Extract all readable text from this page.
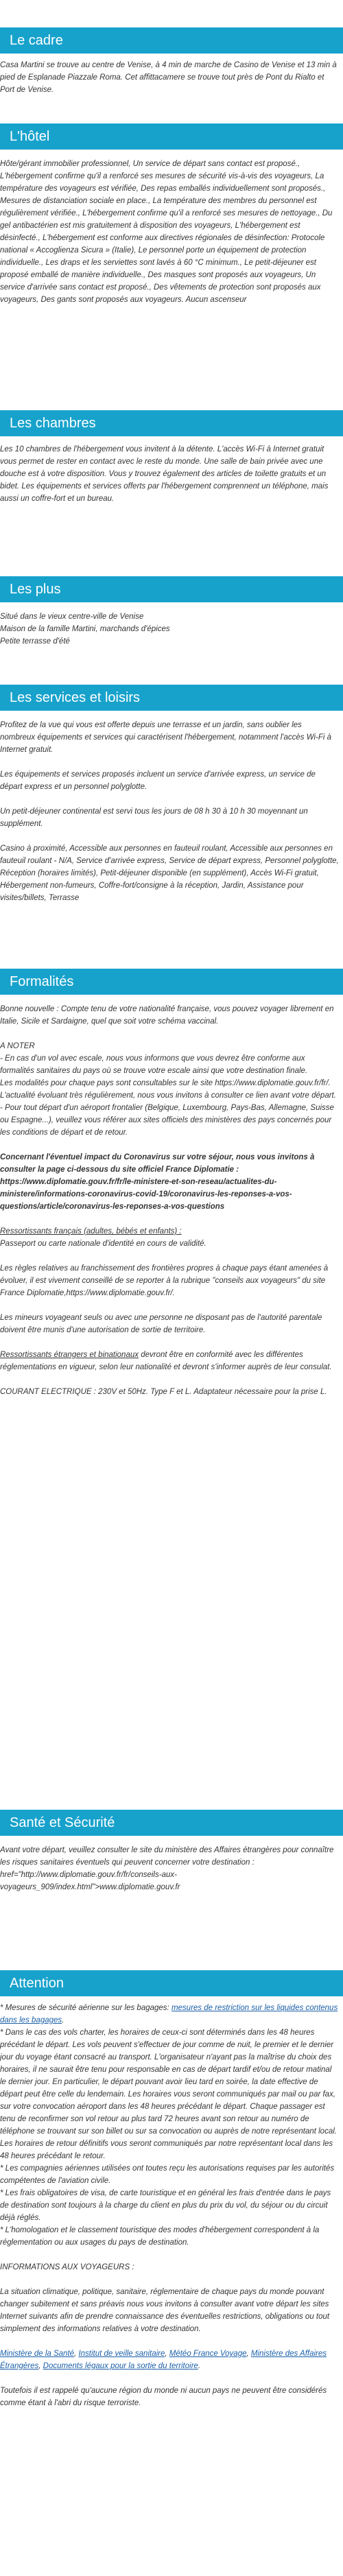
Le cadre
Casa Martini se trouve au centre de Venise, à 4 min de marche de Casino de Venise et 13 min à pied de Esplanade Piazzale Roma. Cet affittacamere se trouve tout près de Pont du Rialto et Port de Venise.
L'hôtel
Hôte/gérant immobilier professionnel, Un service de départ sans contact est proposé., L'hébergement confirme qu'il a renforcé ses mesures de sécurité vis-à-vis des voyageurs, La température des voyageurs est vérifiée, Des repas emballés individuellement sont proposés., Mesures de distanciation sociale en place., La température des membres du personnel est régulièrement vérifiée., L'hébergement confirme qu'il a renforcé ses mesures de nettoyage., Du gel antibactérien est mis gratuitement à disposition des voyageurs, L'hébergement est désinfecté., L'hébergement est conforme aux directives régionales de désinfection: Protocole national « Accoglienza Sicura » (Italie), Le personnel porte un équipement de protection individuelle., Les draps et les serviettes sont lavés à 60 °C minimum., Le petit-déjeuner est proposé emballé de manière individuelle., Des masques sont proposés aux voyageurs, Un service d'arrivée sans contact est proposé., Des vêtements de protection sont proposés aux voyageurs, Des gants sont proposés aux voyageurs. Aucun ascenseur
Les chambres
Les 10 chambres de l'hébergement vous invitent à la détente. L'accès Wi-Fi à Internet gratuit vous permet de rester en contact avec le reste du monde. Une salle de bain privée avec une douche est à votre disposition. Vous y trouvez également des articles de toilette gratuits et un bidet. Les équipements et services offerts par l'hébergement comprennent un téléphone, mais aussi un coffre-fort et un bureau.
Les plus
Situé dans le vieux centre-ville de Venise
Maison de la famille Martini, marchands d'épices
Petite terrasse d'été
Les services et loisirs
Profitez de la vue qui vous est offerte depuis une terrasse et un jardin, sans oublier les nombreux équipements et services qui caractérisent l'hébergement, notamment l'accès Wi-Fi à Internet gratuit.
Les équipements et services proposés incluent un service d'arrivée express, un service de départ express et un personnel polyglotte.
Un petit-déjeuner continental est servi tous les jours de 08 h 30 à 10 h 30 moyennant un supplément.
Casino à proximité, Accessible aux personnes en fauteuil roulant, Accessible aux personnes en fauteuil roulant - N/A, Service d'arrivée express, Service de départ express, Personnel polyglotte, Réception (horaires limités), Petit-déjeuner disponible (en supplément), Accès Wi-Fi gratuit, Hébergement non-fumeurs, Coffre-fort/consigne à la réception, Jardin, Assistance pour visites/billets, Terrasse
Formalités
Bonne nouvelle : Compte tenu de votre nationalité française, vous pouvez voyager librement en Italie, Sicile et Sardaigne, quel que soit votre schéma vaccinal.
A NOTER
- En cas d'un vol avec escale, nous vous informons que vous devrez être conforme aux formalités sanitaires du pays où se trouve votre escale ainsi que votre destination finale.
Les modalités pour chaque pays sont consultables sur le site https://www.diplomatie.gouv.fr/fr/. L'actualité évoluant très régulièrement, nous vous invitons à consulter ce lien avant votre départ.
- Pour tout départ d'un aéroport frontalier (Belgique, Luxembourg, Pays-Bas, Allemagne, Suisse ou Espagne...), veuillez vous référer aux sites officiels des ministères des pays concernés pour les conditions de départ et de retour.
Concernant l'éventuel impact du Coronavirus sur votre séjour, nous vous invitons à consulter la page ci-dessous du site officiel France Diplomatie : https://www.diplomatie.gouv.fr/fr/le-ministere-et-son-reseau/actualites-du-ministere/informations-coronavirus-covid-19/coronavirus-les-reponses-a-vos-questions/article/coronavirus-les-reponses-a-vos-questions
Ressortissants français (adultes, bébés et enfants) :
Passeport ou carte nationale d'identité en cours de validité.
Les règles relatives au franchissement des frontières propres à chaque pays étant amenées à évoluer, il est vivement conseillé de se reporter à la rubrique "conseils aux voyageurs" du site France Diplomatie,https://www.diplomatie.gouv.fr/.
Les mineurs voyageant seuls ou avec une personne ne disposant pas de l'autorité parentale doivent être munis d'une autorisation de sortie de territoire.
Ressortissants étrangers et binationaux devront être en conformité avec les différentes réglementations en vigueur, selon leur nationalité et devront s'informer auprès de leur consulat.
COURANT ELECTRIQUE : 230V et 50Hz. Type F et L. Adaptateur nécessaire pour la prise L.
Santé et Sécurité
Avant votre départ, veuillez consulter le site du ministère des Affaires étrangères pour connaître les risques sanitaires éventuels qui peuvent concerner votre destination : href="http://www.diplomatie.gouv.fr/fr/conseils-aux-voyageurs_909/index.html">www.diplomatie.gouv.fr
Attention
* Mesures de sécurité aérienne sur les bagages: mesures de restriction sur les liquides contenus dans les bagages.
* Dans le cas des vols charter, les horaires de ceux-ci sont déterminés dans les 48 heures précédant le départ. Les vols peuvent s'effectuer de jour comme de nuit, le premier et le dernier jour du voyage étant consacré au transport. L'organisateur n'ayant pas la maîtrise du choix des horaires, il ne saurait être tenu pour responsable en cas de départ tardif et/ou de retour matinal le dernier jour. En particulier, le départ pouvant avoir lieu tard en soirée, la date effective de départ peut être celle du lendemain. Les horaires vous seront communiqués par mail ou par fax, sur votre convocation aéroport dans les 48 heures précédant le départ. Chaque passager est tenu de reconfirmer son vol retour au plus tard 72 heures avant son retour au numéro de téléphone se trouvant sur son billet ou sur sa convocation ou auprès de notre représentant local. Les horaires de retour définitifs vous seront communiqués par notre représentant local dans les 48 heures précédant le retour.
* Les compagnies aériennes utilisées ont toutes reçu les autorisations requises par les autorités compétentes de l'aviation civile.
* Les frais obligatoires de visa, de carte touristique et en général les frais d'entrée dans le pays de destination sont toujours à la charge du client en plus du prix du vol, du séjour ou du circuit déjà réglés.
* L'homologation et le classement touristique des modes d'hébergement correspondent à la réglementation ou aux usages du pays de destination.
INFORMATIONS AUX VOYAGEURS :
La situation climatique, politique, sanitaire, réglementaire de chaque pays du monde pouvant changer subitement et sans préavis nous vous invitons à consulter avant votre départ les sites Internet suivants afin de prendre connaissance des éventuelles restrictions, obligations ou tout simplement des informations relatives à votre destination.
Ministère de la Santé, Institut de veille sanitaire, Météo France Voyage, Ministère des Affaires Étrangères, Documents légaux pour la sortie du territoire.
Toutefois il est rappelé qu'aucune région du monde ni aucun pays ne peuvent être considérés comme étant à l'abri du risque terroriste.
